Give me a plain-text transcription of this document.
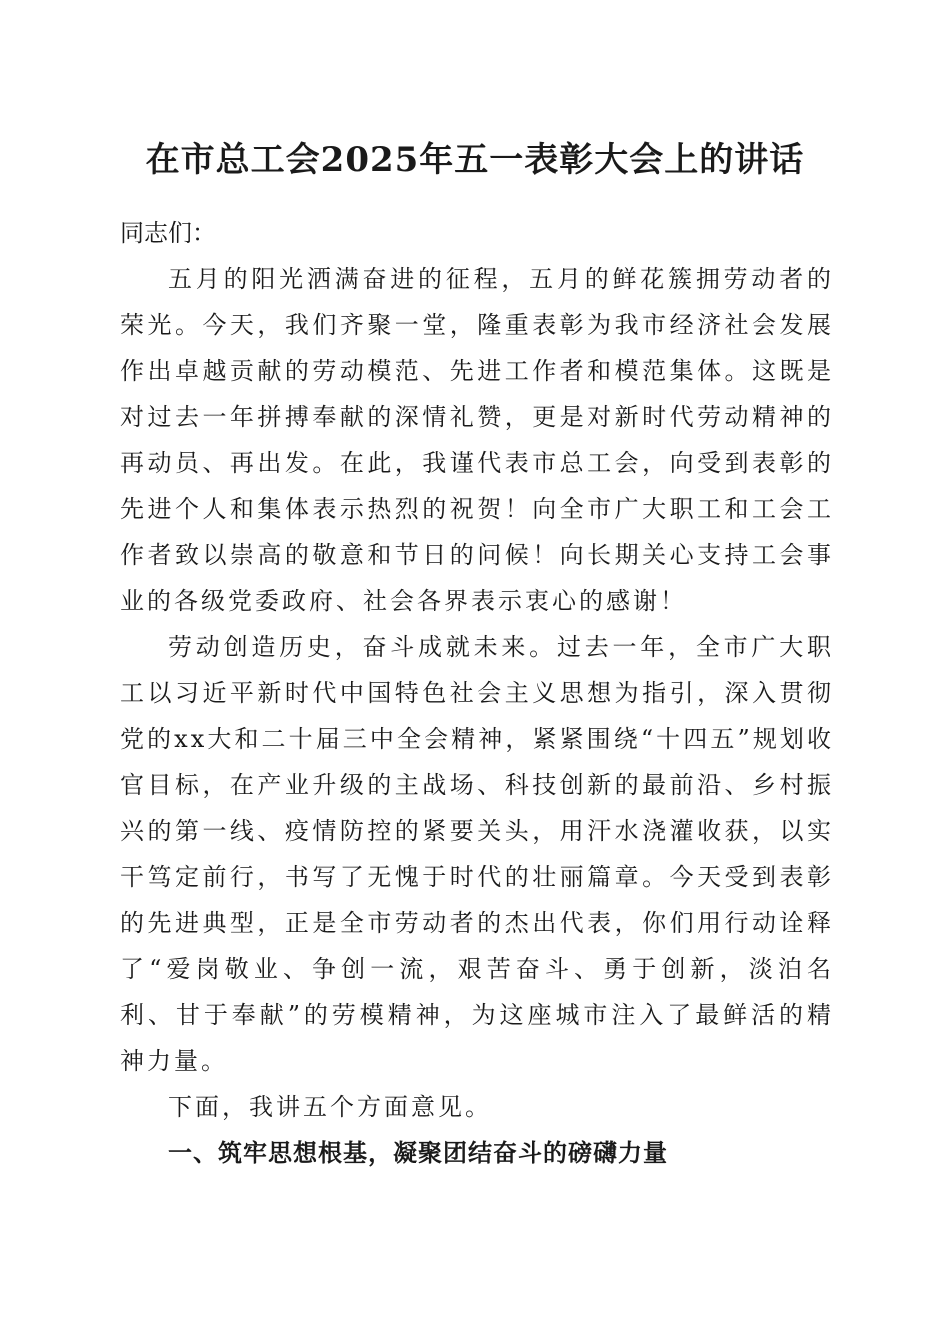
在市总工会2025年五一表彰大会上的讲话

同志们：

五月的阳光洒满奋进的征程，五月的鲜花簇拥劳动者的荣光。今天，我们齐聚一堂，隆重表彰为我市经济社会发展作出卓越贡献的劳动模范、先进工作者和模范集体。这既是对过去一年拼搏奉献的深情礼赞，更是对新时代劳动精神的再动员、再出发。在此，我谨代表市总工会，向受到表彰的先进个人和集体表示热烈的祝贺！向全市广大职工和工会工作者致以崇高的敬意和节日的问候！向长期关心支持工会事业的各级党委政府、社会各界表示衷心的感谢！

劳动创造历史，奋斗成就未来。过去一年，全市广大职工以习近平新时代中国特色社会主义思想为指引，深入贯彻党的xx大和二十届三中全会精神，紧紧围绕“十四五”规划收官目标，在产业升级的主战场、科技创新的最前沿、乡村振兴的第一线、疫情防控的紧要关头，用汗水浇灌收获，以实干笃定前行，书写了无愧于时代的壮丽篇章。今天受到表彰的先进典型，正是全市劳动者的杰出代表，你们用行动诠释了“爱岗敬业、争创一流，艰苦奋斗、勇于创新，淡泊名利、甘于奉献”的劳模精神，为这座城市注入了最鲜活的精神力量。

下面，我讲五个方面意见。

一、筑牢思想根基，凝聚团结奋斗的磅礴力量
